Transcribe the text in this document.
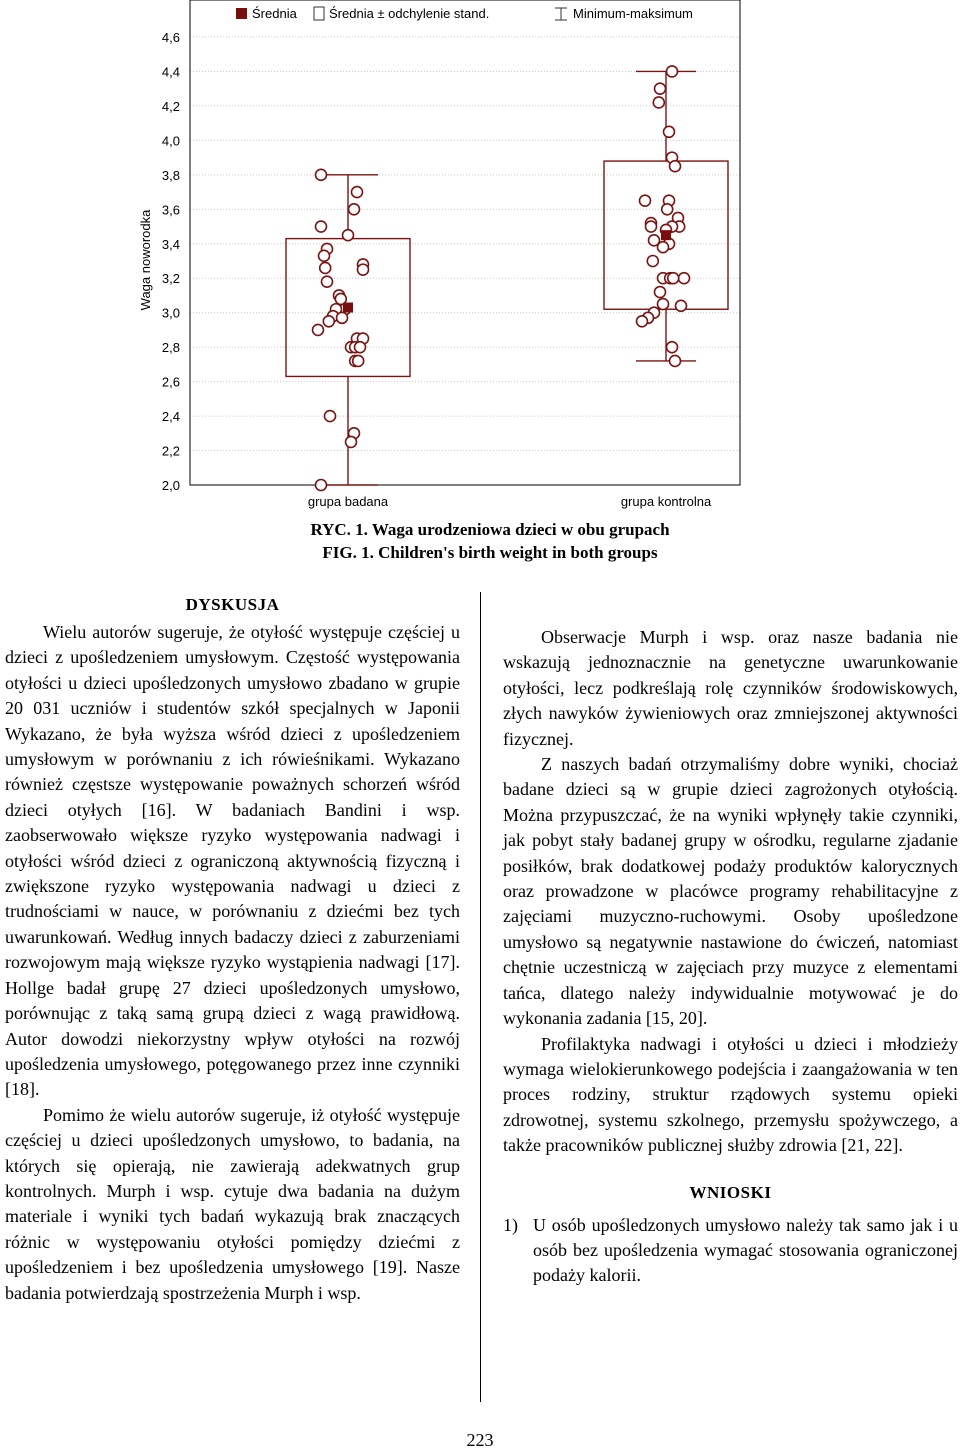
2,0
2,2
2,4
2,6
2,8
3,0
3,2
3,4
3,6
3,8
4,0
4,2
4,4
4,6
Waga noworodka
grupa badana	grupa kontrolna
Średnia Średnia ± odchylenie stand.	Minimum-maksimum
RYC. 1. Waga urodzeniowa dzieci w obu grupach
FIG. 1. Children's birth weight in both groups
DYSKUSJA

Wielu autorów sugeruje, że otyłość występuje częściej u dzieci z upośledzeniem umysłowym. Częstość występowania otyłości u dzieci upośledzonych umysłowo zbadano w grupie 20 031 uczniów i studentów szkół specjalnych w Japonii Wykazano, że była wyższa wśród dzieci z upośledzeniem umysłowym w porównaniu z ich rówieśnikami. Wykazano również częstsze występowanie poważnych schorzeń wśród dzieci otyłych [16]. W badaniach Bandini i wsp. zaobserwowało większe ryzyko występowania nadwagi i otyłości wśród dzieci z ograniczoną aktywnością fizyczną i zwiększone ryzyko występowania nadwagi u dzieci z trudnościami w nauce, w porównaniu z dziećmi bez tych uwarunkowań. Według innych badaczy dzieci z zaburzeniami rozwojowym mają większe ryzyko wystąpienia nadwagi [17]. Hollge badał grupę 27 dzieci upośledzonych umysłowo, porównując z taką samą grupą dzieci z wagą prawidłową. Autor dowodzi niekorzystny wpływ otyłości na rozwój upośledzenia umysłowego, potęgowanego przez inne czynniki [18].

Pomimo że wielu autorów sugeruje, iż otyłość występuje częściej u dzieci upośledzonych umysłowo, to badania, na których się opierają, nie zawierają adekwatnych grup kontrolnych. Murph i wsp. cytuje dwa badania na dużym materiale i wyniki tych badań wykazują brak znaczących różnic w występowaniu otyłości pomiędzy dziećmi z upośledzeniem i bez upośledzenia umysłowego [19]. Nasze badania potwierdzają spostrzeżenia Murph i wsp.

Obserwacje Murph i wsp. oraz nasze badania nie wskazują jednoznacznie na genetyczne uwarunkowanie otyłości, lecz podkreślają rolę czynników środowiskowych, złych nawyków żywieniowych oraz zmniejszonej aktywności fizycznej.

Z naszych badań otrzymaliśmy dobre wyniki, chociaż badane dzieci są w grupie dzieci zagrożonych otyłością. Można przypuszczać, że na wyniki wpłynęły takie czynniki, jak pobyt stały badanej grupy w ośrodku, regularne zjadanie posiłków, brak dodatkowej podaży produktów kalorycznych oraz prowadzone w placówce programy rehabilitacyjne z zajęciami muzyczno-ruchowymi. Osoby upośledzone umysłowo są negatywnie nastawione do ćwiczeń, natomiast chętnie uczestniczą w zajęciach przy muzyce z elementami tańca, dlatego należy indywidualnie motywować je do wykonania zadania [15, 20].

Profilaktyka nadwagi i otyłości u dzieci i młodzieży wymaga wielokierunkowego podejścia i zaangażowania w ten proces rodziny, struktur rządowych systemu opieki zdrowotnej, systemu szkolnego, przemysłu spożywczego, a także pracowników publicznej służby zdrowia [21, 22].

WNIOSKI
1) U osób upośledzonych umysłowo należy tak samo jak i u osób bez upośledzenia wymagać stosowania ograniczonej podaży kalorii.
223
